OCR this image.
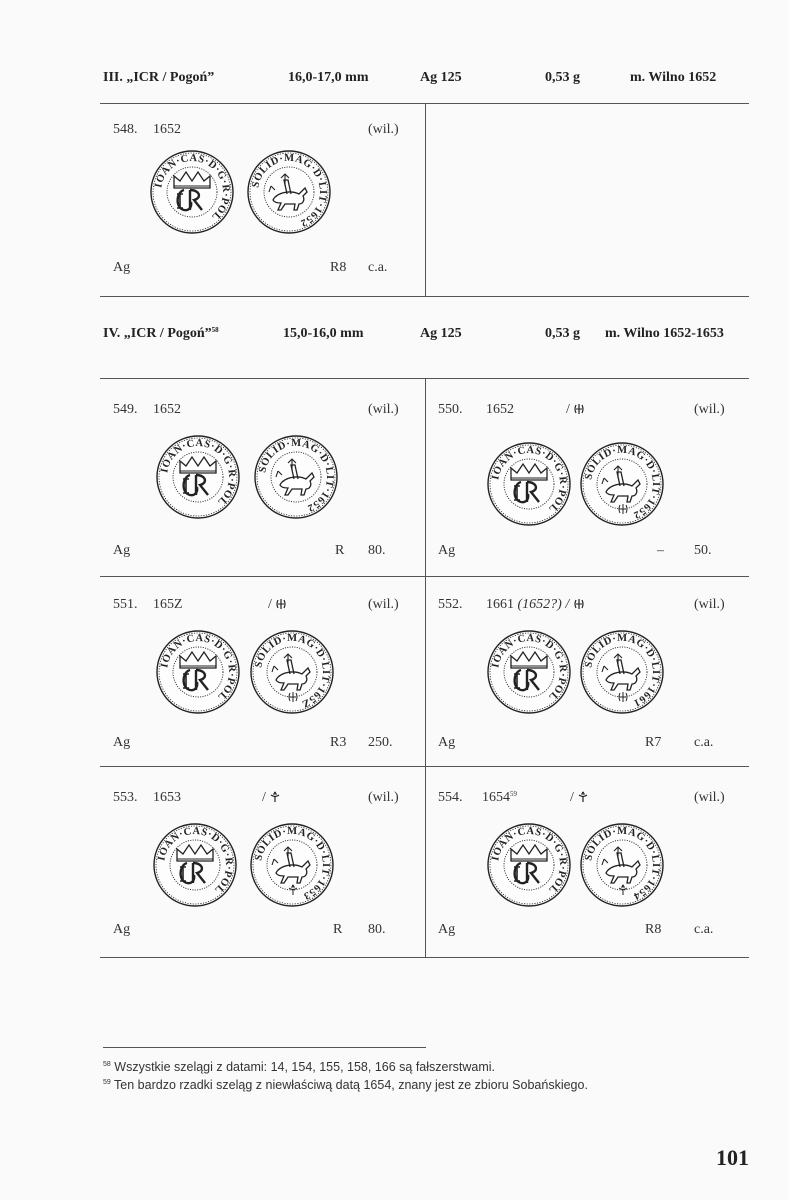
III. „ICR / Pogoń”	16,0-17,0 mm	Ag 125	0,53 g	m. Wilno 1652
548. 1652	(wil.)
IOAN·CAS·D·G·R·POL
SOLID·MAG·D·LIT·1652
Ag	R8 c.a.
IV. „ICR / Pogoń”$^{58}$	15,0-16,0 mm	Ag 125	0,53 g m. Wilno 1652-1653
549. 1652	(wil.)
IOAN·CAS·D·G·R·POL
SOLID·MAG·D·LIT·1652
Ag	R 80.
550. 1652	/	(wil.)
IOAN·CAS·D·G·R·POL
SOLID·MAG·D·LIT·1652
Ag	– 50.
551. 165Z	/	(wil.)
IOAN·CAS·D·G·R·POL
SOLID·MAG·D·LIT·165Z
Ag	R3 250.
552. 1661 (1652?) /	(wil.)
IOAN·CAS·D·G·R·POL
SOLID·MAG·D·LIT·1661
Ag	R7 c.a.
553. 1653	/	(wil.)
IOAN·CAS·D·G·R·POL
SOLID·MAG·D·LIT·1653
Ag	R 80.
554. 1654$^{59}$	/	(wil.)
IOAN·CAS·D·G·R·POL
SOLID·MAG·D·LIT·1654
Ag	R8 c.a.
$^{58}$ Wszystkie szelągi z datami: 14, 154, 155, 158, 166 są fałszerstwami.
$^{59}$ Ten bardzo rzadki szeląg z niewłaściwą datą 1654, znany jest ze zbioru Sobańskiego.
101
